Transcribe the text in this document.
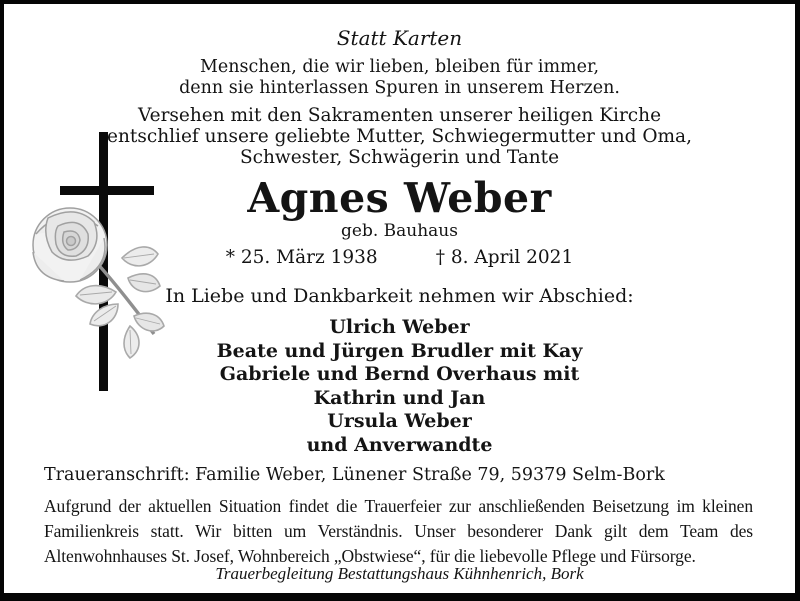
Statt Karten
Menschen, die wir lieben, bleiben für immer,
denn sie hinterlassen Spuren in unserem Herzen.
Versehen mit den Sakramenten unserer heiligen Kirche
entschlief unsere geliebte Mutter, Schwiegermutter und Oma,
Schwester, Schwägerin und Tante
Agnes Weber
geb. Bauhaus
* 25. März 1938	† 8. April 2021
In Liebe und Dankbarkeit nehmen wir Abschied:
Ulrich Weber
Beate und Jürgen Brudler mit Kay
Gabriele und Bernd Overhaus mit
Kathrin und Jan
Ursula Weber
und Anverwandte
Traueranschrift: Familie Weber, Lünener Straße 79, 59379 Selm-Bork
Aufgrund der aktuellen Situation findet die Trauerfeier zur anschließenden Beisetzung im kleinen Familienkreis statt. Wir bitten um Verständnis. Unser besonderer Dank gilt dem Team des Altenwohnhauses St. Josef, Wohnbereich „Obstwiese“, für die liebevolle Pflege und Fürsorge.
Trauerbegleitung Bestattungshaus Kühnhenrich, Bork
